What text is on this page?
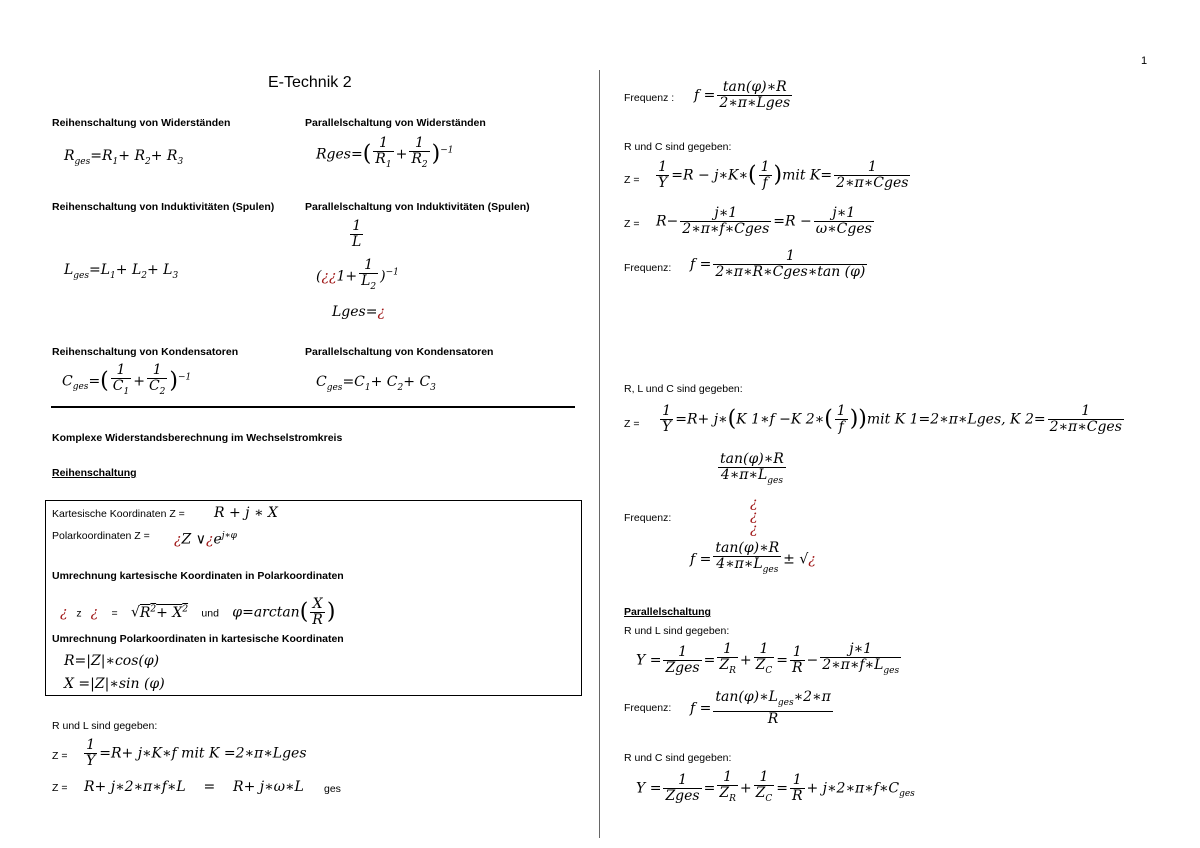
1
E-Technik 2
Reihenschaltung von Widerständen
$R_{ges}=R_1+ R_2+ R_3$
Parallelschaltung von Widerständen
Rges=( $\frac{1}{R_1} + \frac{1}{R_2} )^{-1}$
Reihenschaltung von Induktivitäten (Spulen)
$L_{ges}=L_1+ L_2+ L_3$
Parallelschaltung von Induktivitäten (Spulen)
$\frac{1}{L}$
(¿¿1+ $\frac{1}{L_2} )^{-1}$
Lges=¿
Reihenschaltung von Kondensatoren
$C_{ges}=( \frac{1}{C_1} + \frac{1}{C_2} )^{-1}$
Parallelschaltung von Kondensatoren
$C_{ges}=C_1+ C_2+ C_3$
Komplexe Widerstandsberechnung im Wechselstromkreis
Reihenschaltung
Kartesische Koordinaten Z = R + j ∗ X
Polarkoordinaten Z = ¿Z $\vee¿e^{j∗\varphi}$
Umrechnung kartesische Koordinaten in Polarkoordinaten
¿ z ¿ =   $√R^2+ X^2$ und   $\varphi=\arctan( \frac{X}{R}$ )
Umrechnung Polarkoordinaten in kartesische Koordinaten
R=|Z|∗cos(φ)
X =|Z|∗sin (φ)
R und L sind gegeben:
$Z = \frac{1}{Y} =R+$ j∗K∗f mit K =2∗π∗Lges
Z = R+ j∗2∗π∗f∗L    =    R+ j∗ω∗L ges
Frequenz : $f = \frac{\tan(\varphi)∗R}{\text{2∗π∗Lges}}$
R und C sind gegeben:
$Z = \frac{1}{Y} =R$ − j∗K∗( $\frac{1}{f} )mit$ $K= \frac{1}{\text{2∗π∗Cges}}$
$Z = R- \frac{j∗1}{\text{2∗π∗f∗Cges}} =R - \frac{j∗1}{\text{ω∗Cges}}$
Frequenz: $f = \frac{1}{\text{2∗π∗R∗Cges∗tan (φ)}}$
R, L und C sind gegeben:
$Z = \frac{1}{Y} =R+$ j∗(K 1∗f −K 2∗( $\frac{1}{f} ))mit$ K 1=2∗π∗Lges, K $2= \frac{1}{\text{2∗π∗Cges}}$
$\frac{\tan(\varphi)∗R}{4∗\pi∗L_{ges}}$
¿
¿
¿
Frequenz:
$f = \frac{\tan(\varphi)∗R}{4∗\pi∗L_{ges}}$ ± √¿
Parallelschaltung
R und L sind gegeben:
$Y = \frac{1}{\text{Zges}} = \frac{1}{Z_R} + \frac{1}{Z_C} = \frac{1}{R} - \frac{j∗1}{2∗\pi∗f∗L_{ges}}$
Frequenz: $f = \frac{\tan(\varphi)∗L_{ges}∗2∗\pi}{R}$
R und C sind gegeben:
$Y = \frac{1}{\text{Zges}} = \frac{1}{Z_R} + \frac{1}{Z_C} = \frac{1}{R}$ + $j∗2∗\pi∗f∗C_{ges}$
